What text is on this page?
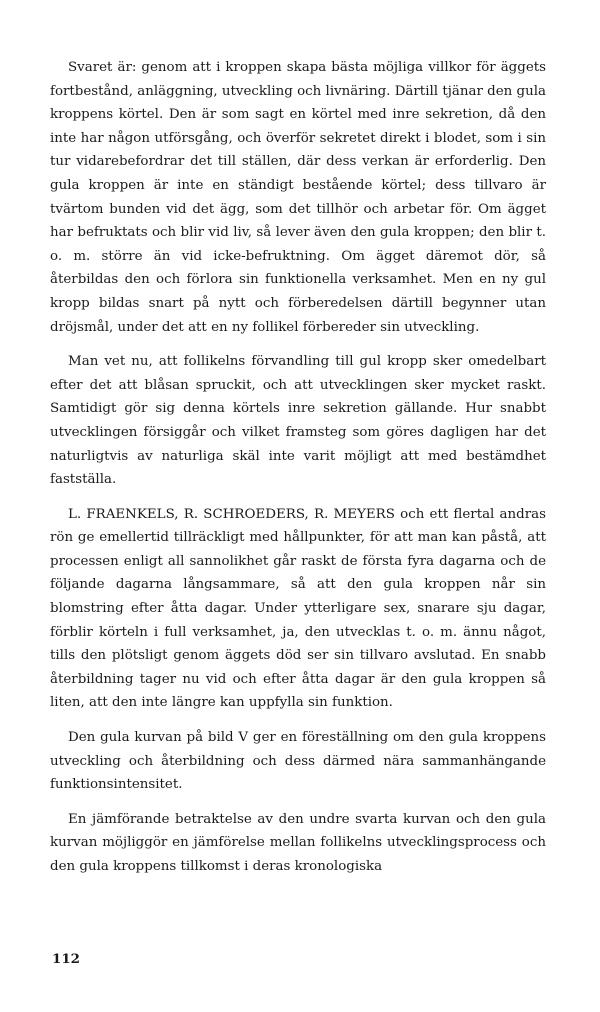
Svaret är: genom att i kroppen skapa bästa möjliga villkor för äggets fortbestånd, anläggning, utveckling och livnäring. Därtill tjänar den gula kroppens körtel. Den är som sagt en körtel med inre sekretion, då den inte har någon utförsgång, och överför sekretet direkt i blodet, som i sin tur vidarebefordrar det till ställen, där dess verkan är erforderlig. Den gula kroppen är inte en ständigt bestående körtel; dess tillvaro är tvärtom bunden vid det ägg, som det tillhör och arbetar för. Om ägget har befruktats och blir vid liv, så lever även den gula kroppen; den blir t. o. m. större än vid icke-befruktning. Om ägget däremot dör, så återbildas den och förlora sin funktionella verksamhet. Men en ny gul kropp bildas snart på nytt och förberedelsen därtill begynner utan dröjsmål, under det att en ny follikel förbereder sin utveckling.

Man vet nu, att follikelns förvandling till gul kropp sker omedelbart efter det att blåsan spruckit, och att utvecklingen sker mycket raskt. Samtidigt gör sig denna körtels inre sekretion gällande. Hur snabbt utvecklingen försiggår och vilket framsteg som göres dagligen har det naturligtvis av naturliga skäl inte varit möjligt att med bestämdhet fastställa.

L. FRAENKELS, R. SCHROEDERS, R. MEYERS och ett flertal andras rön ge emellertid tillräckligt med hållpunkter, för att man kan påstå, att processen enligt all sannolikhet går raskt de första fyra dagarna och de följande dagarna långsammare, så att den gula kroppen når sin blomstring efter åtta dagar. Under ytterligare sex, snarare sju dagar, förblir körteln i full verksamhet, ja, den utvecklas t. o. m. ännu något, tills den plötsligt genom äggets död ser sin tillvaro avslutad. En snabb återbildning tager nu vid och efter åtta dagar är den gula kroppen så liten, att den inte längre kan uppfylla sin funktion.

Den gula kurvan på bild V ger en föreställning om den gula kroppens utveckling och återbildning och dess därmed nära sammanhängande funktionsintensitet.

En jämförande betraktelse av den undre svarta kurvan och den gula kurvan möjliggör en jämförelse mellan follikelns utvecklingsprocess och den gula kroppens tillkomst i deras kronologiska

112
